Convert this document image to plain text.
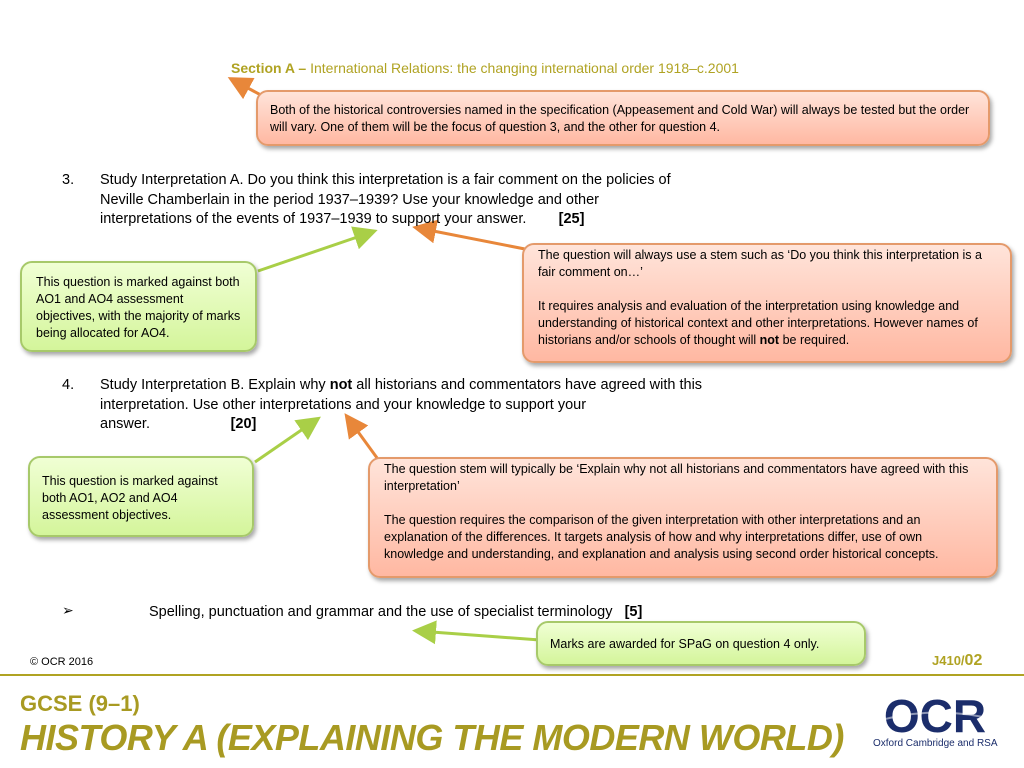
Section A – International Relations: the changing international order 1918–c.2001

Both of the historical controversies named in the specification (Appeasement and Cold War) will always be tested but the order will vary. One of them will be the focus of question 3, and the other for question 4.

3. Study Interpretation A. Do you think this interpretation is a fair comment on the policies of Neville Chamberlain in the period 1937–1939? Use your knowledge and other interpretations of the events of 1937–1939 to support your answer. [25]

The question will always use a stem such as ‘Do you think this interpretation is a fair comment on…’

It requires analysis and evaluation of the interpretation using knowledge and understanding of historical context and other interpretations. However names of historians and/or schools of thought will not be required.

This question is marked against both AO1 and AO4 assessment objectives, with the majority of marks being allocated for AO4.

4. Study Interpretation B. Explain why not all historians and commentators have agreed with this interpretation. Use other interpretations and your knowledge to support your answer.	[20]

This question is marked against both AO1, AO2 and AO4 assessment objectives.

The question stem will typically be ‘Explain why not all historians and commentators have agreed with this interpretation’

The question requires the comparison of the given interpretation with other interpretations and an explanation of the differences. It targets analysis of how and why interpretations differ, use of own knowledge and understanding, and explanation and analysis using second order historical concepts.

➢	Spelling, punctuation and grammar and the use of specialist terminology [5]

Marks are awarded for SPaG on question 4 only.

© OCR 2016	J410/02
GCSE (9–1)
HISTORY A (EXPLAINING THE MODERN WORLD) OCR
Oxford Cambridge and RSA
